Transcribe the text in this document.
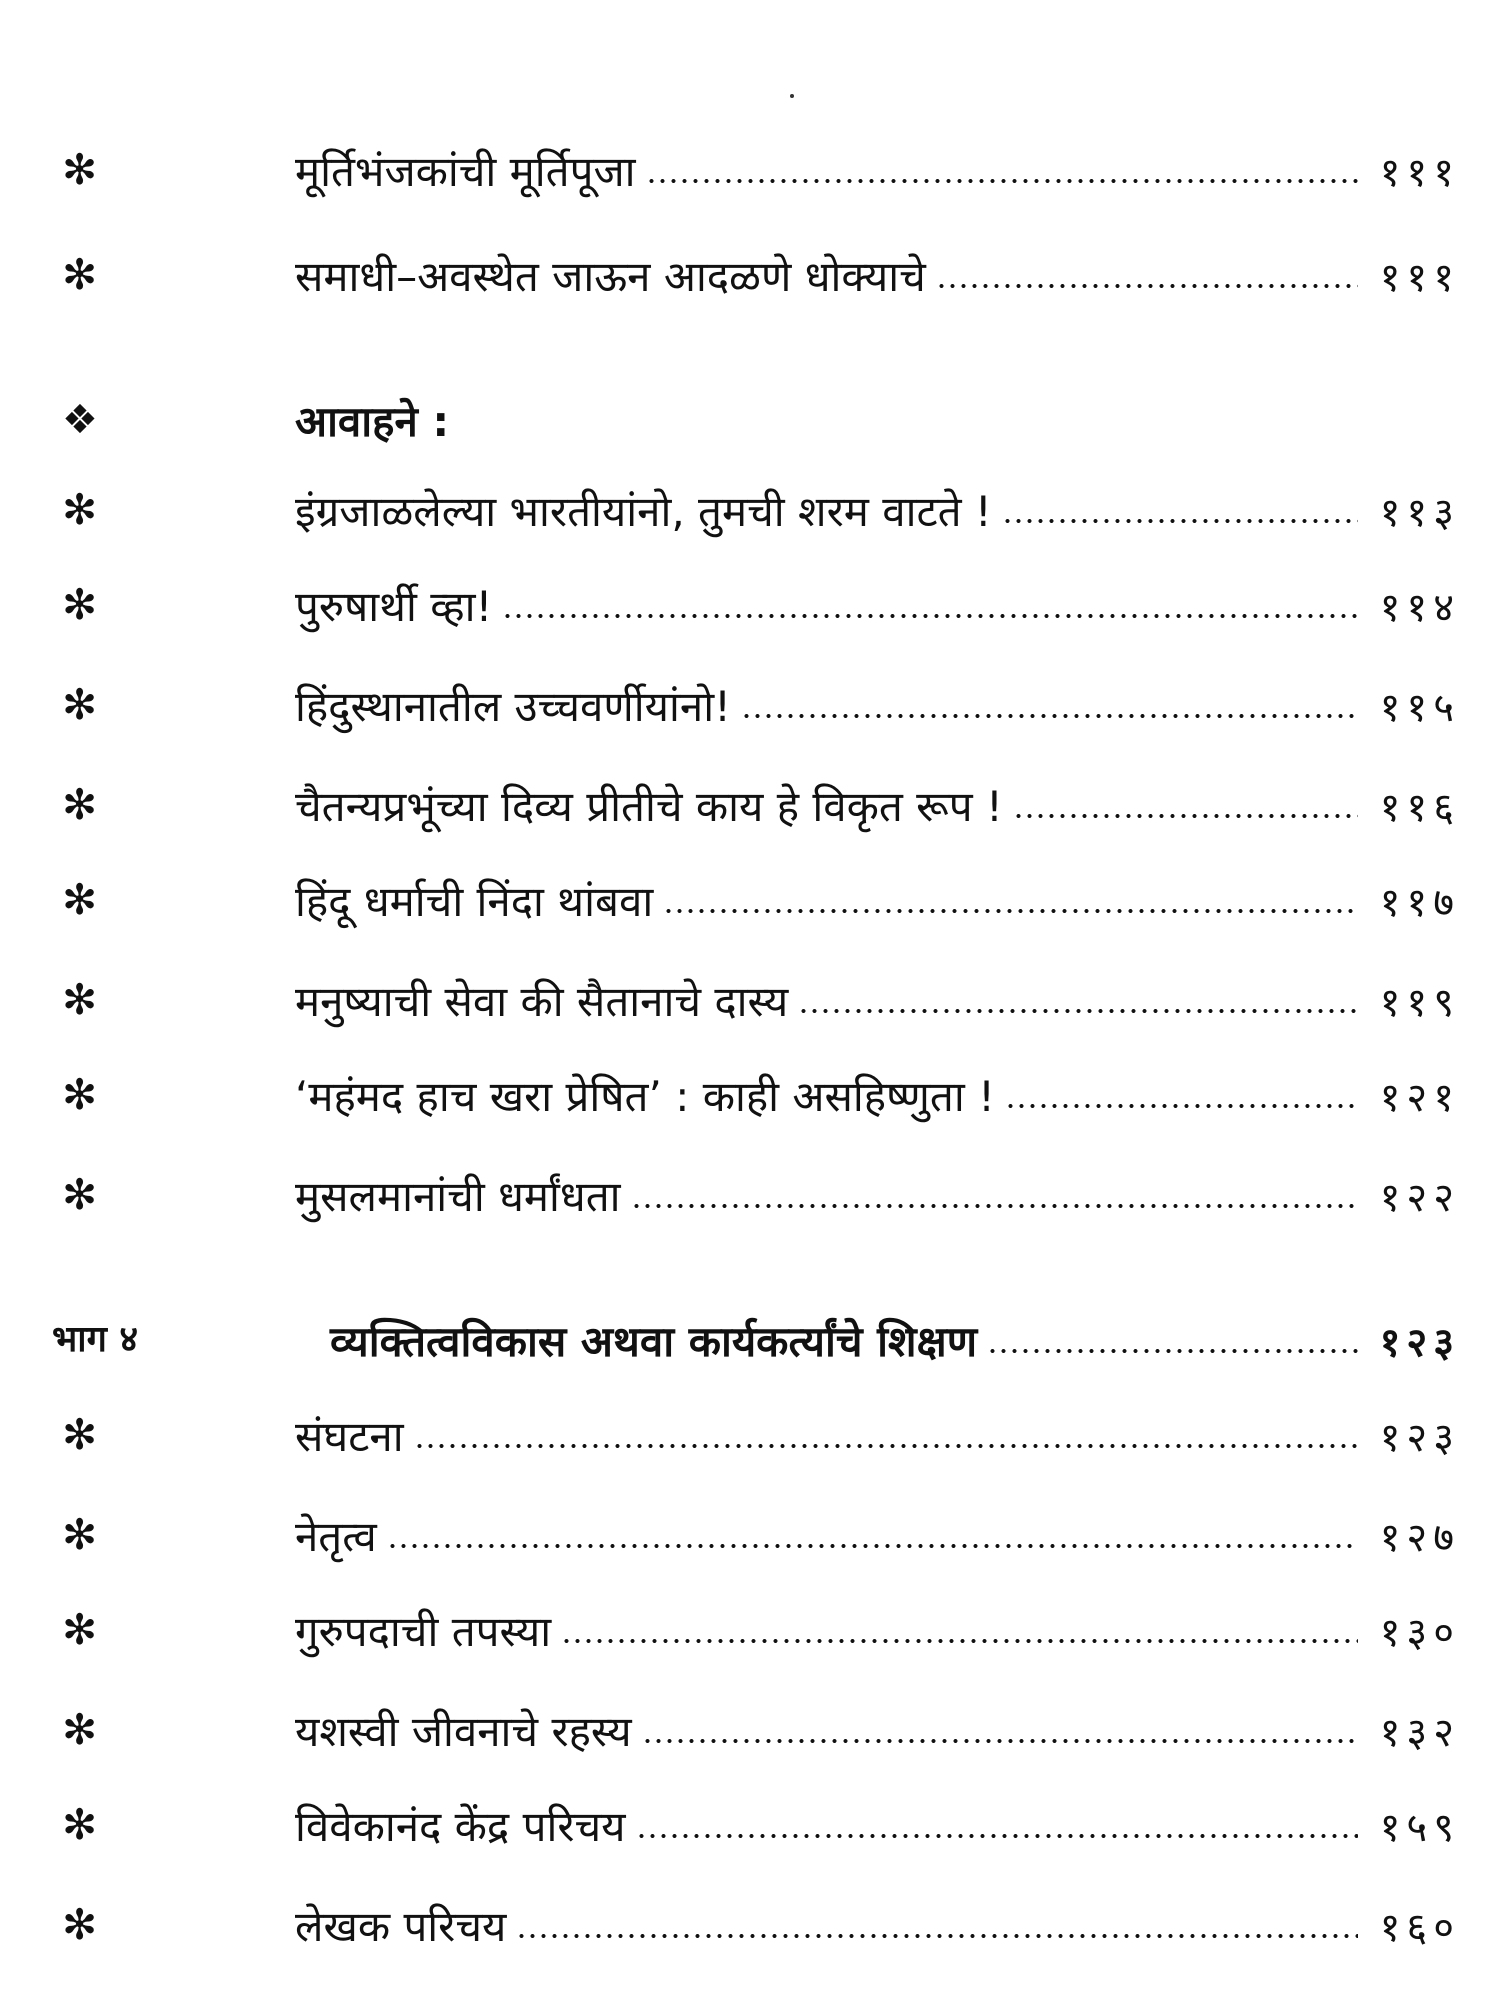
✻	मूर्तिभंजकांची मूर्तिपूजा	१११
✻	समाधी–अवस्थेत जाऊन आदळणे धोक्याचे	१११
❖	आवाहने :
✻	इंग्रजाळलेल्या भारतीयांनो, तुमची शरम वाटते !	११३
✻	पुरुषार्थी व्हा!	११४
✻	हिंदुस्थानातील उच्चवर्णीयांनो!	११५
✻	चैतन्यप्रभूंच्या दिव्य प्रीतीचे काय हे विकृत रूप !	११६
✻	हिंदू धर्माची निंदा थांबवा	११७
✻	मनुष्याची सेवा की सैतानाचे दास्य	११९
✻	‘महंमद हाच खरा प्रेषित’ : काही असहिष्णुता !	१२१
✻	मुसलमानांची धर्मांधता	१२२
भाग ४	व्यक्तित्वविकास अथवा कार्यकर्त्यांचे शिक्षण	१२३
✻	संघटना	१२३
✻	नेतृत्व	१२७
✻	गुरुपदाची तपस्या	१३०
✻	यशस्वी जीवनाचे रहस्य	१३२
✻	विवेकानंद केंद्र परिचय	१५९
✻	लेखक परिचय	१६०
